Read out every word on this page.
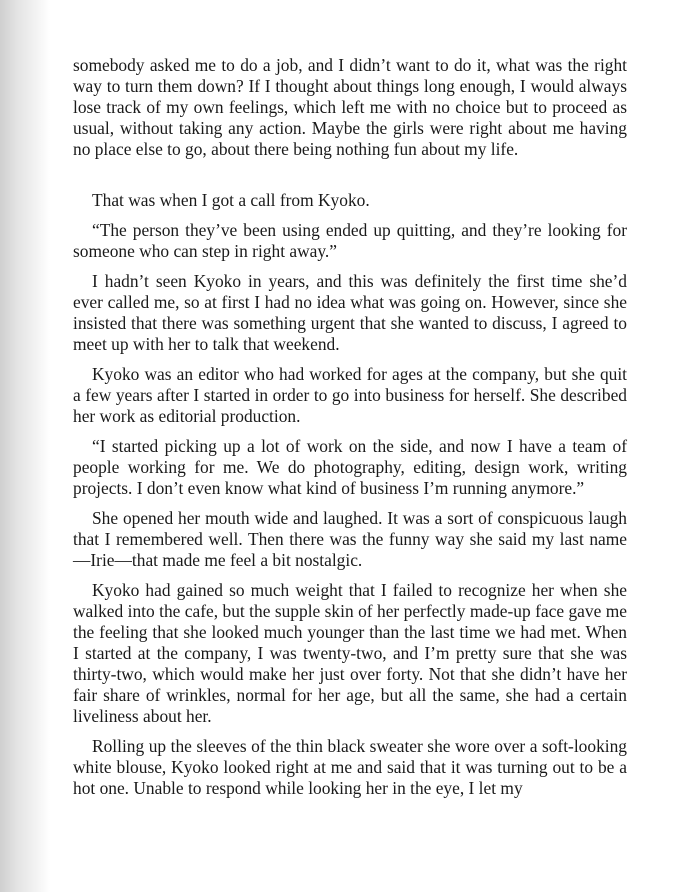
somebody asked me to do a job, and I didn’t want to do it, what was the right way to turn them down? If I thought about things long enough, I would always lose track of my own feelings, which left me with no choice but to proceed as usual, without taking any action. Maybe the girls were right about me having no place else to go, about there being nothing fun about my life.

That was when I got a call from Kyoko.

“The person they’ve been using ended up quitting, and they’re looking for someone who can step in right away.”

I hadn’t seen Kyoko in years, and this was definitely the first time she’d ever called me, so at first I had no idea what was going on. However, since she insisted that there was something urgent that she wanted to discuss, I agreed to meet up with her to talk that weekend.

Kyoko was an editor who had worked for ages at the company, but she quit a few years after I started in order to go into business for herself. She described her work as editorial production.

“I started picking up a lot of work on the side, and now I have a team of people working for me. We do photography, editing, design work, writing projects. I don’t even know what kind of business I’m running anymore.”

She opened her mouth wide and laughed. It was a sort of conspicuous laugh that I remembered well. Then there was the funny way she said my last name—Irie—that made me feel a bit nostalgic.

Kyoko had gained so much weight that I failed to recognize her when she walked into the cafe, but the supple skin of her perfectly made-up face gave me the feeling that she looked much younger than the last time we had met. When I started at the company, I was twenty-two, and I’m pretty sure that she was thirty-two, which would make her just over forty. Not that she didn’t have her fair share of wrinkles, normal for her age, but all the same, she had a certain liveliness about her.

Rolling up the sleeves of the thin black sweater she wore over a soft-looking white blouse, Kyoko looked right at me and said that it was turning out to be a hot one. Unable to respond while looking her in the eye, I let my
